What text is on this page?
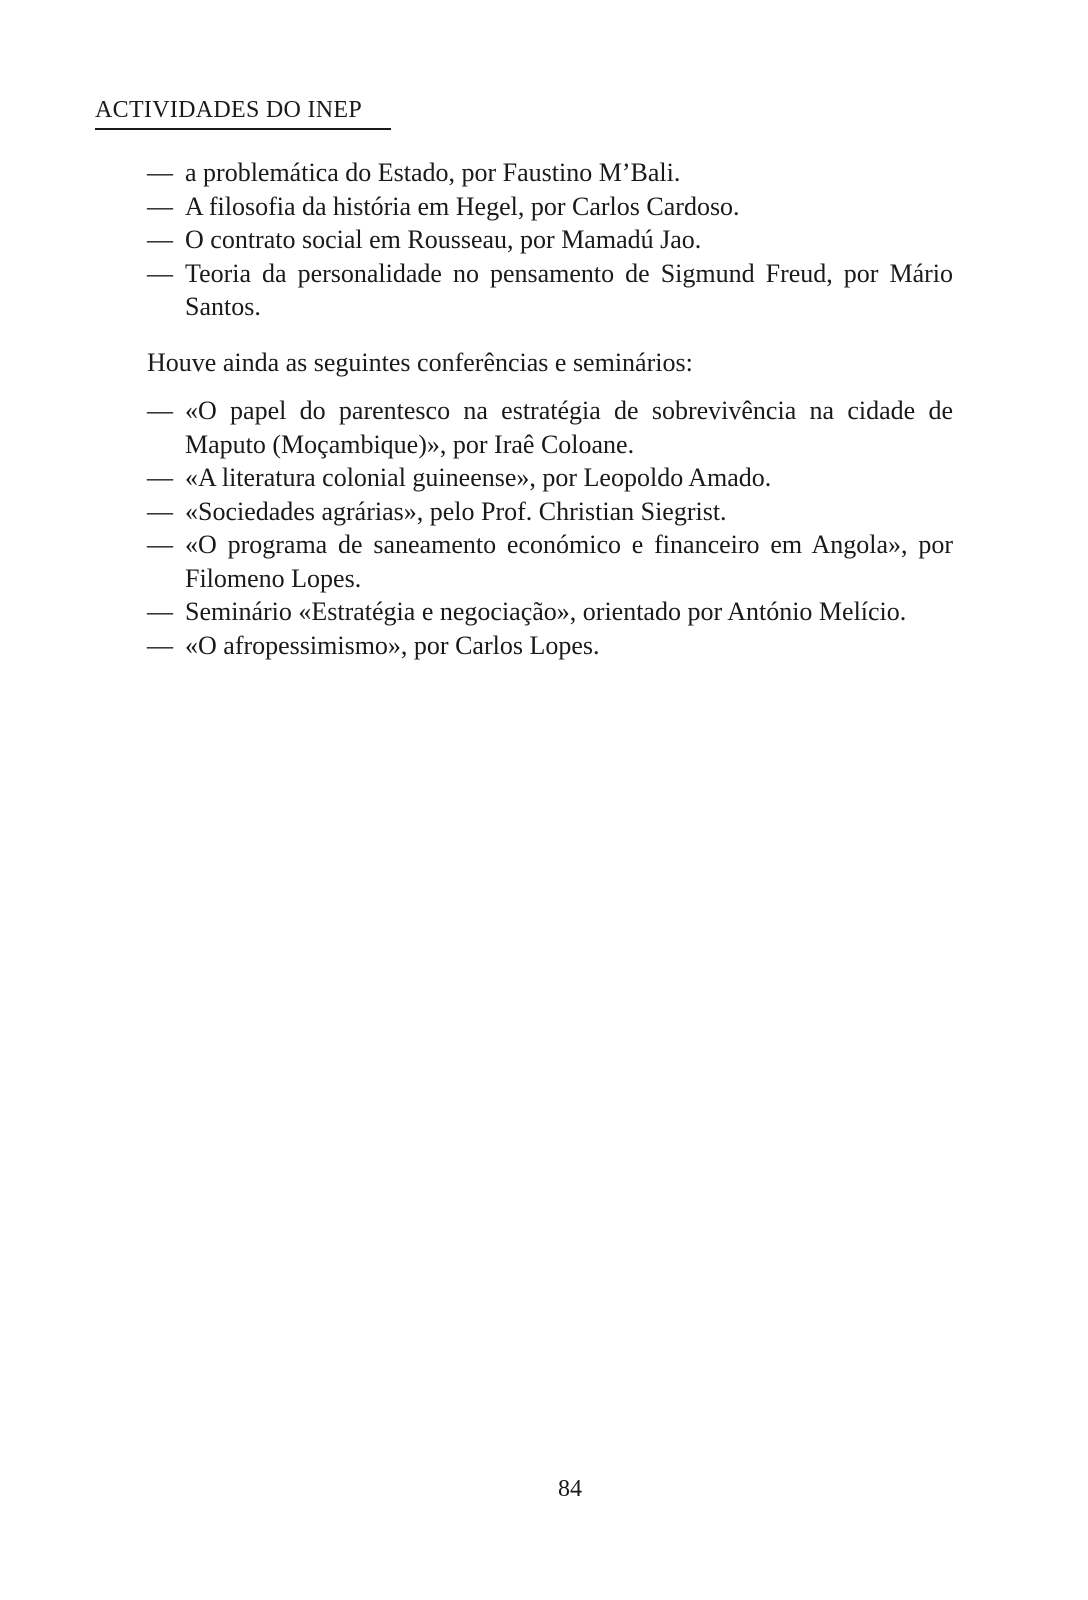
ACTIVIDADES DO INEP
— a problemática do Estado, por Faustino M’Bali.
— A filosofia da história em Hegel, por Carlos Cardoso.
— O contrato social em Rousseau, por Mamadú Jao.
— Teoria da personalidade no pensamento de Sigmund Freud, por Mário Santos.
Houve ainda as seguintes conferências e seminários:
— «O papel do parentesco na estratégia de sobrevivência na cidade de Maputo (Moçambique)», por Iraê Coloane.
— «A literatura colonial guineense», por Leopoldo Amado.
— «Sociedades agrárias», pelo Prof. Christian Siegrist.
— «O programa de saneamento económico e financeiro em Angola», por Filomeno Lopes.
— Seminário «Estratégia e negociação», orientado por António Melício.
— «O afropessimismo», por Carlos Lopes.
84
